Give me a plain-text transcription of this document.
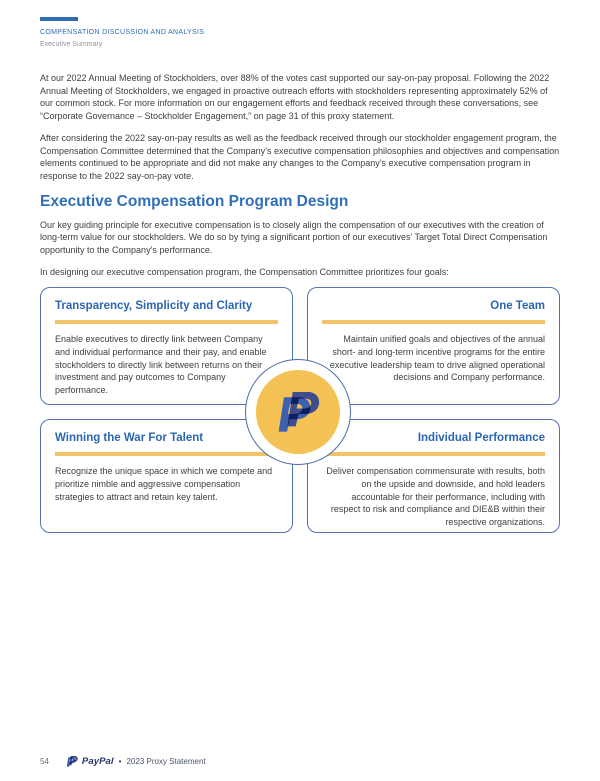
COMPENSATION DISCUSSION AND ANALYSIS
Executive Summary

At our 2022 Annual Meeting of Stockholders, over 88% of the votes cast supported our say-on-pay proposal. Following the 2022 Annual Meeting of Stockholders, we engaged in proactive outreach efforts with stockholders representing approximately 52% of our common stock. For more information on our engagement efforts and feedback received through these conversations, see “Corporate Governance – Stockholder Engagement,” on page 31 of this proxy statement.

After considering the 2022 say-on-pay results as well as the feedback received through our stockholder engagement program, the Compensation Committee determined that the Company’s executive compensation philosophies and objectives and compensation elements continued to be appropriate and did not make any changes to the Company’s executive compensation program in response to the 2022 say-on-pay vote.

Executive Compensation Program Design

Our key guiding principle for executive compensation is to closely align the compensation of our executives with the creation of long-term value for our stockholders. We do so by tying a significant portion of our executives’ Target Total Direct Compensation opportunity to the Company’s performance.

In designing our executive compensation program, the Compensation Committee prioritizes four goals:

Transparency, Simplicity and Clarity

Enable executives to directly link between Company and individual performance and their pay, and enable stockholders to directly link between returns on their investment and pay outcomes to Company performance.

One Team

Maintain unified goals and objectives of the annual short- and long-term incentive programs for the entire executive leadership team to drive aligned operational decisions and Company performance.

Winning the War For Talent

Recognize the unique space in which we compete and prioritize nimble and aggressive compensation strategies to attract and retain key talent.

Individual Performance

Deliver compensation commensurate with results, both on the upside and downside, and hold leaders accountable for their performance, including with respect to risk and compliance and DIE&B within their respective organizations.

54	PayPal • 2023 Proxy Statement
